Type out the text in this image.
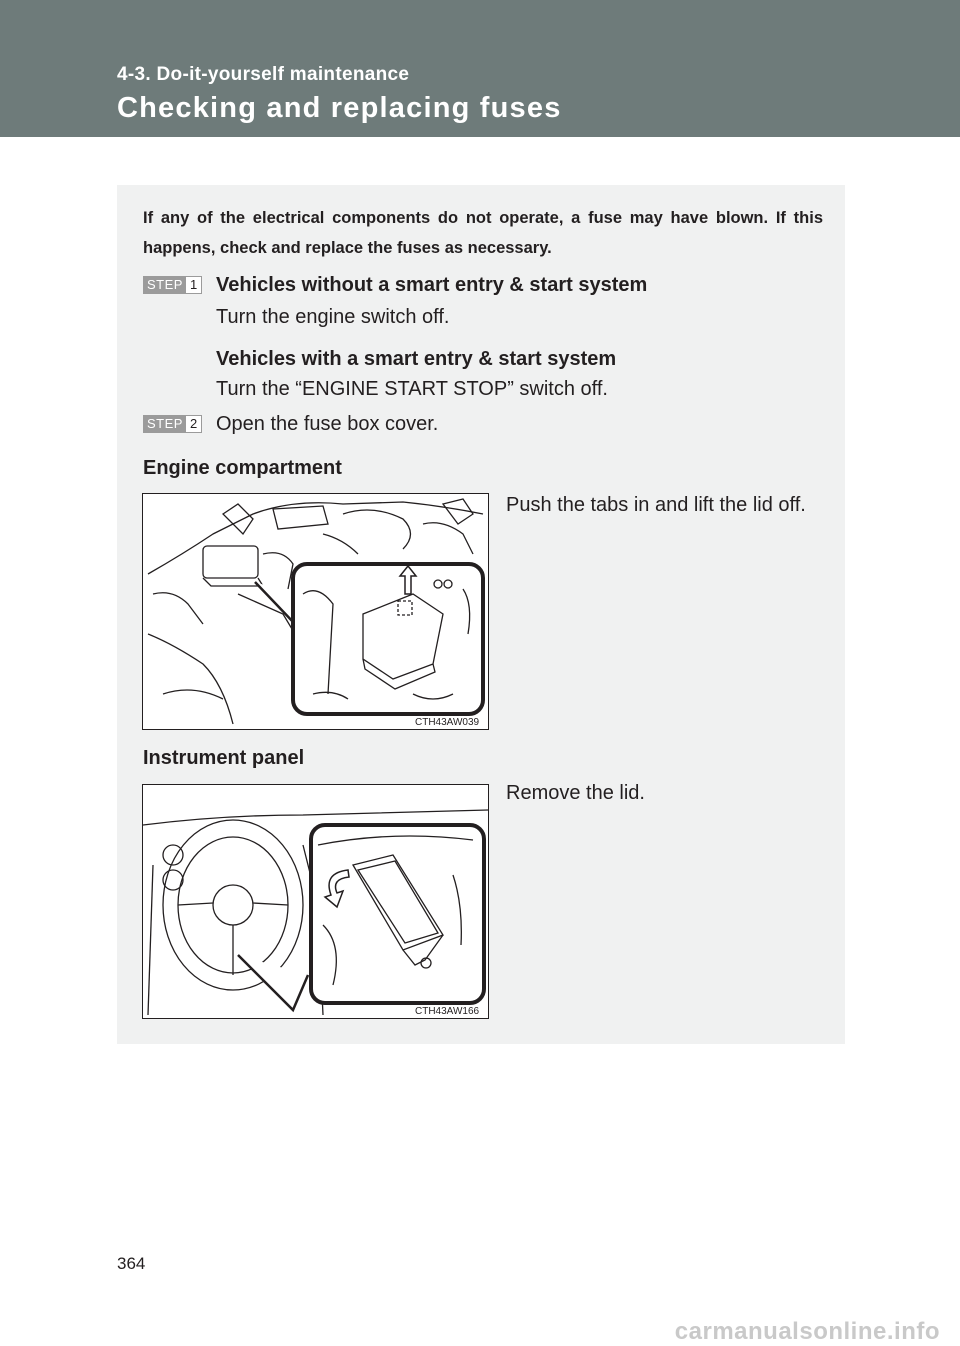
4-3. Do-it-yourself maintenance
Checking and replacing fuses
If any of the electrical components do not operate, a fuse may have blown. If this happens, check and replace the fuses as necessary.
STEP 1 Vehicles without a smart entry & start system
Turn the engine switch off.
Vehicles with a smart entry & start system
Turn the “ENGINE START STOP” switch off.
STEP 2 Open the fuse box cover.
Engine compartment
Push the tabs in and lift the lid off.
CTH43AW039
Instrument panel
Remove the lid.
CTH43AW166
364
carmanualsonline.info
